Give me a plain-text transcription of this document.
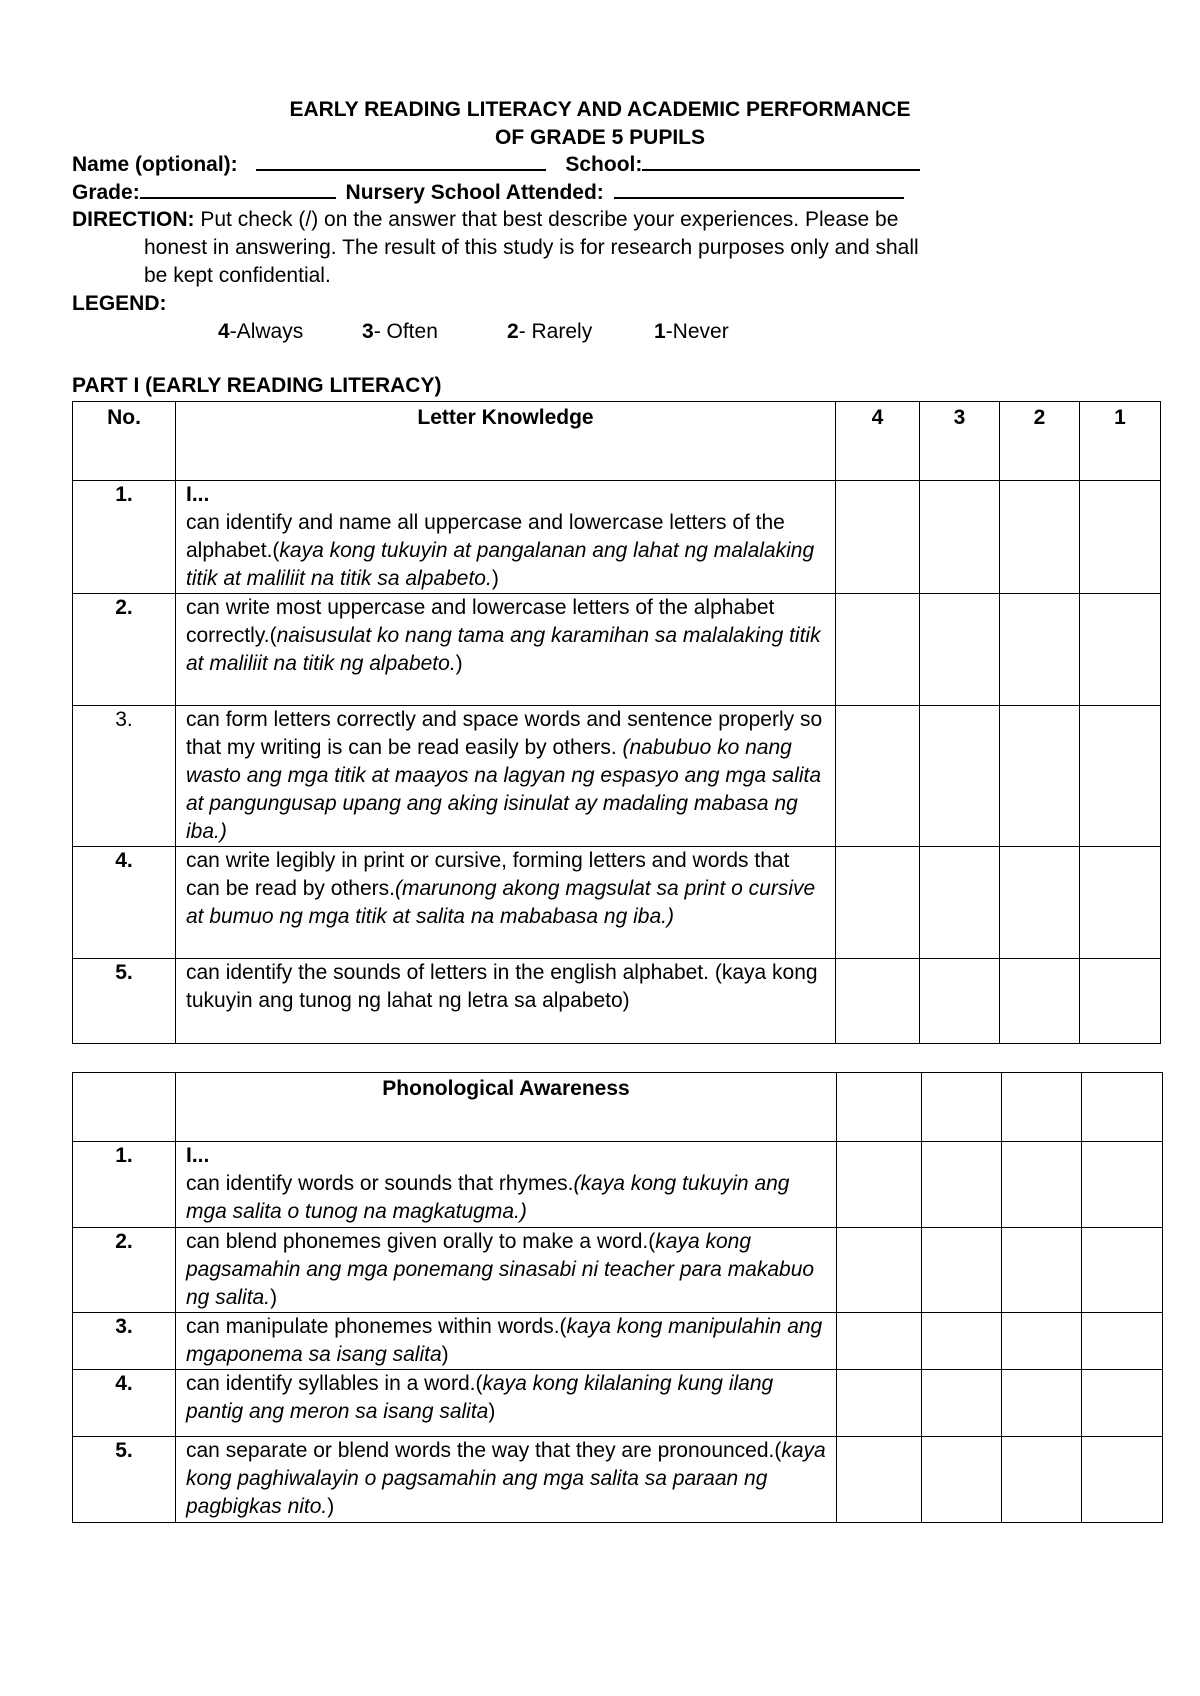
EARLY READING LITERACY AND ACADEMIC PERFORMANCE
OF GRADE 5 PUPILS
Name (optional):	School:
Grade:	Nursery School Attended:
DIRECTION: Put check (/) on the answer that best describe your experiences. Please be
honest in answering. The result of this study is for research purposes only and shall
be kept confidential.
LEGEND:
4-Always	3- Often	2- Rarely	1-Never
PART I (EARLY READING LITERACY)
No.	Letter Knowledge	4	3	2	1
1.	I...
can identify and name all uppercase and lowercase letters of the alphabet.(kaya kong tukuyin at pangalanan ang lahat ng malalaking titik at maliliit na titik sa alpabeto.)				
2.	can write most uppercase and lowercase letters of the alphabet correctly.(naisusulat ko nang tama ang karamihan sa malalaking titik at maliliit na titik ng alpabeto.)				
3.	can form letters correctly and space words and sentence properly so that my writing is can be read easily by others. (nabubuo ko nang wasto ang mga titik at maayos na lagyan ng espasyo ang mga salita at pangungusap upang ang aking isinulat ay madaling mabasa ng iba.)				
4.	can write legibly in print or cursive, forming letters and words that can be read by others.(marunong akong magsulat sa print o cursive at bumuo ng mga titik at salita na mababasa ng iba.)				
5.	can identify the sounds of letters in the english alphabet. (kaya kong tukuyin ang tunog ng lahat ng letra sa alpabeto)				
	Phonological Awareness				
1.	I...
can identify words or sounds that rhymes.(kaya kong tukuyin ang mga salita o tunog na magkatugma.)				
2.	can blend phonemes given orally to make a word.(kaya kong pagsamahin ang mga ponemang sinasabi ni teacher para makabuo ng salita.)				
3.	can manipulate phonemes within words.(kaya kong manipulahin ang mgaponema sa isang salita)				
4.	can identify syllables in a word.(kaya kong kilalaning kung ilang pantig ang meron sa isang salita)				
5.	can separate or blend words the way that they are pronounced.(kaya kong paghiwalayin o pagsamahin ang mga salita sa paraan ng pagbigkas nito.)				
